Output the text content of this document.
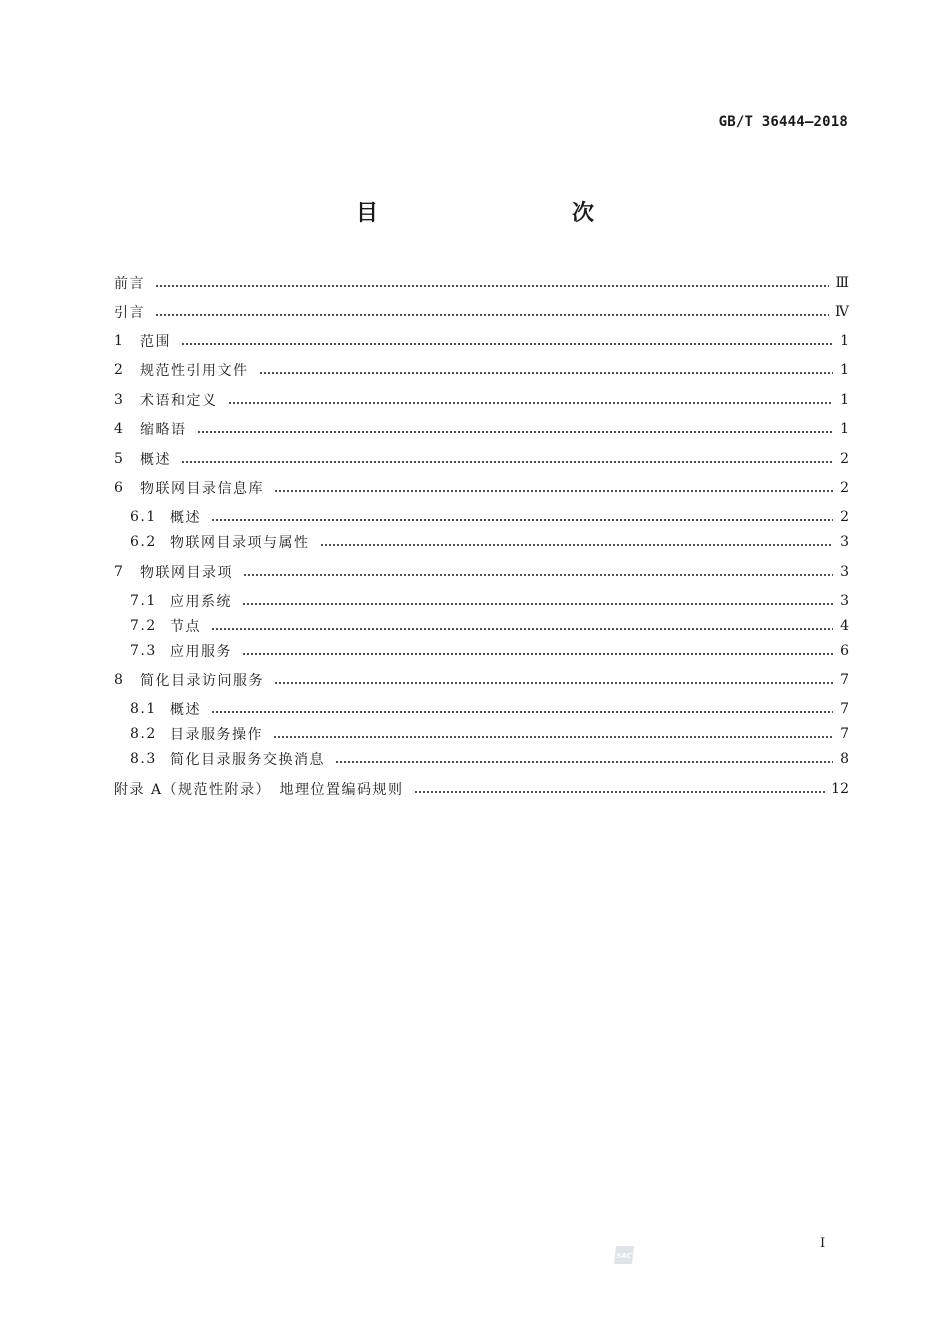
GB/T 36444—2018
目　　次
前言	Ⅲ
引言	Ⅳ
1	范围	1
2	规范性引用文件	1
3	术语和定义	1
4	缩略语	1
5	概述	2
6	物联网目录信息库	2
6.1 概述	2
6.2 物联网目录项与属性	3
7	物联网目录项	3
7.1 应用系统	3
7.2 节点	4
7.3 应用服务	6
8	简化目录访问服务	7
8.1 概述	7
8.2 目录服务操作	7
8.3 简化目录服务交换消息	8
附录 A（规范性附录）　地理位置编码规则	12
Ⅰ
SAC
